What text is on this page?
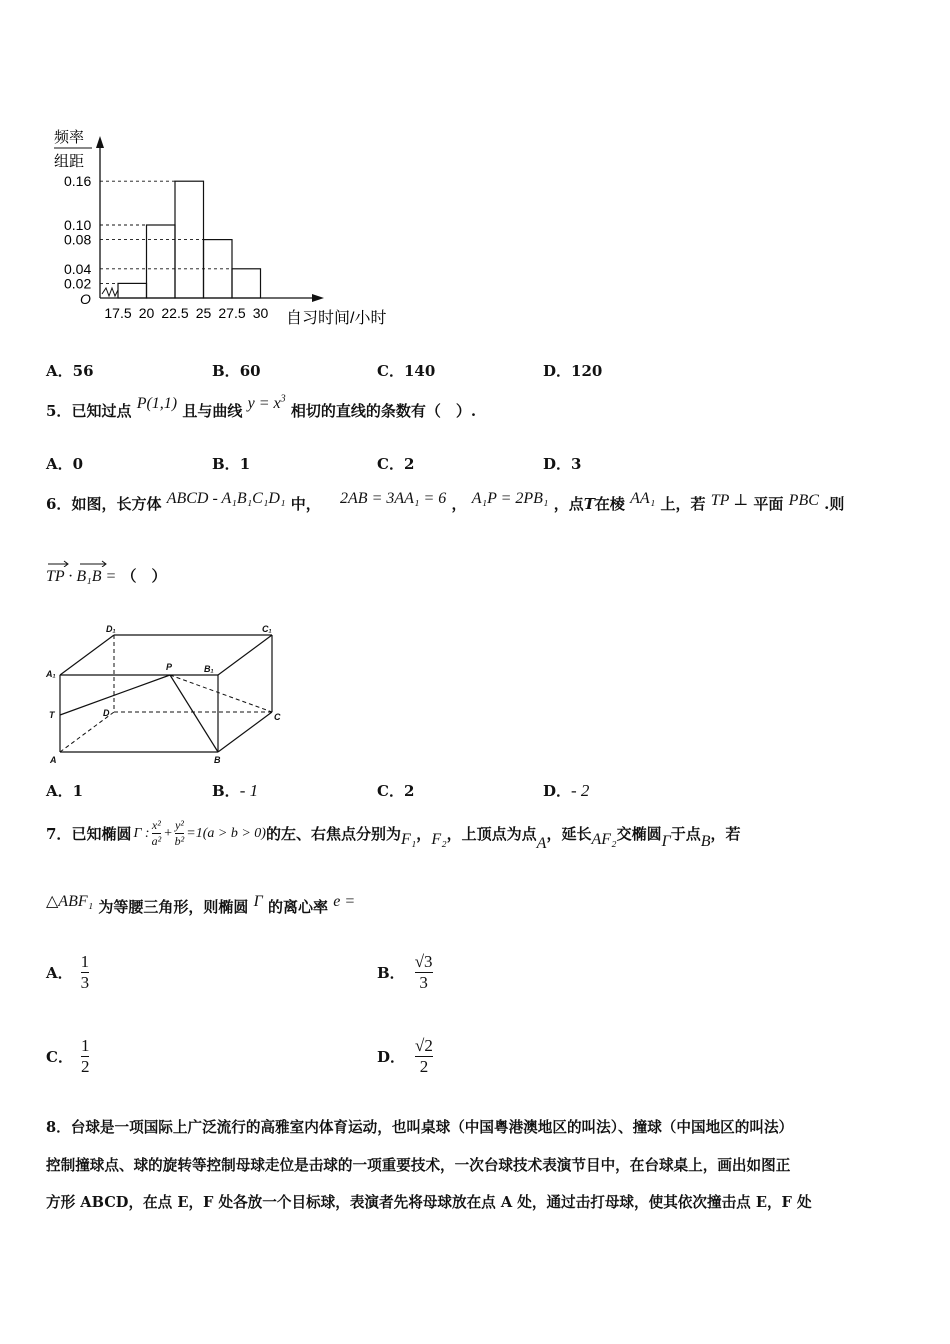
频率
组距
O
0.16
0.10
0.08
0.04
0.02
17.5 20 22.5 25 27.5 30 自习时间/小时
A．56	B．60	C．140	D．120
5．已知过点 P(1,1) 且与曲线 $y = x^3$ 相切的直线的条数有（　）.
A．0	B．1	C．2	D．3
6．如图，长方体 ABCD - A₁B₁C₁D₁ 中， 2AB = 3AA₁ = 6 ， A₁P = 2PB₁ ，点T在棱 AA₁ 上，若 TP ⊥ 平面 PBC .则
TP · B₁B = （　）
D₁	C₁
A₁
P	B₁
T	D	C
A	B
A．1	B．- 1	C．2	D．- 2
7． 已知椭圆 Γ : $\frac{\text{x²}}{\text{a²}} + \frac{\text{y²}}{\text{b²}} =1(a > b > 0)$ 的左、右焦点分别为 F₁ ， F₂ ，上顶点为点 A ，延长 AF₂ 交椭圆 Γ 于点 B ，若
△ABF₁ 为等腰三角形，则椭圆 Γ 的离心率 e =
A． $\frac{1}{3}$	B． $\frac{√3}{3}$
C． $\frac{1}{2}$	D． $\frac{√2}{2}$
8．台球是一项国际上广泛流行的高雅室内体育运动，也叫桌球（中国粤港澳地区的叫法）、撞球（中国地区的叫法）
控制撞球点、球的旋转等控制母球走位是击球的一项重要技术，一次台球技术表演节目中，在台球桌上，画出如图正
方形 ABCD，在点 E，F 处各放一个目标球，表演者先将母球放在点 A 处，通过击打母球，使其依次撞击点 E，F 处
